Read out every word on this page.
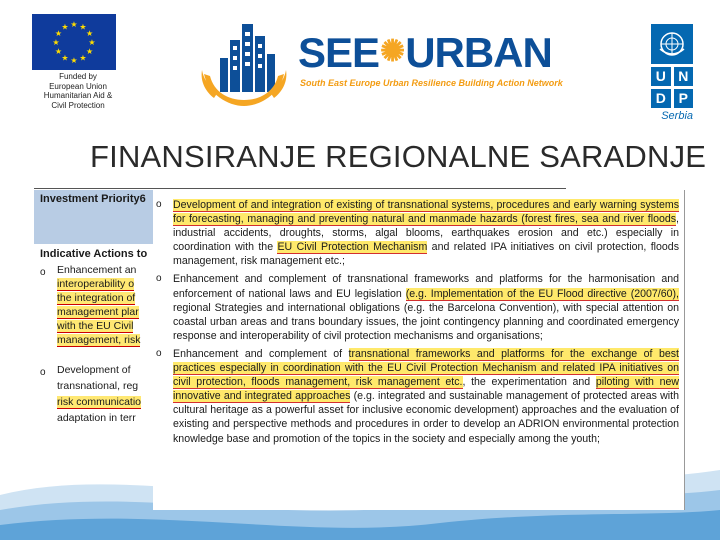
★
★
★
★
★
★
★
★
★ ★ ★
★
Funded by
European Union
Humanitarian Aid &
Civil Protection
SEE✺URBAN
South East Europe Urban Resilience Building Action Network	U N
D P
Serbia
FINANSIRANJE REGIONALNE SARADNJE
Investment Priority6
Indicative Actions to
o Enhancement an
interoperability o
the integration of
management plar
with the EU Civil
management, risk
o Development of
transnational, reg
risk communicatio
adaptation in terr
o Development of and integration of existing of transnational systems, procedures and early warning systems for forecasting, managing and preventing natural and manmade hazards (forest fires, sea and river floods, industrial accidents, droughts, storms, algal blooms, earthquakes erosion and etc.) especially in coordination with the EU Civil Protection Mechanism and related IPA initiatives on civil protection, floods management, risk management etc.;
o Enhancement and complement of transnational frameworks and platforms for the harmonisation and enforcement of national laws and EU legislation (e.g. Implementation of the EU Flood directive (2007/60), regional Strategies and international obligations (e.g. the Barcelona Convention), with special attention on coastal urban areas and trans boundary issues, the joint contingency planning and coordinated emergency response and interoperability of civil protection mechanisms and organisations;
o Enhancement and complement of transnational frameworks and platforms for the exchange of best practices especially in coordination with the EU Civil Protection Mechanism and related IPA initiatives on civil protection, floods management, risk management etc., the experimentation and piloting with new innovative and integrated approaches (e.g. integrated and sustainable management of protected areas with cultural heritage as a powerful asset for inclusive economic development) approaches and the evaluation of existing and perspective methods and procedures in order to develop an ADRION environmental protection knowledge base and promotion of the topics in the society and especially among the youth;
